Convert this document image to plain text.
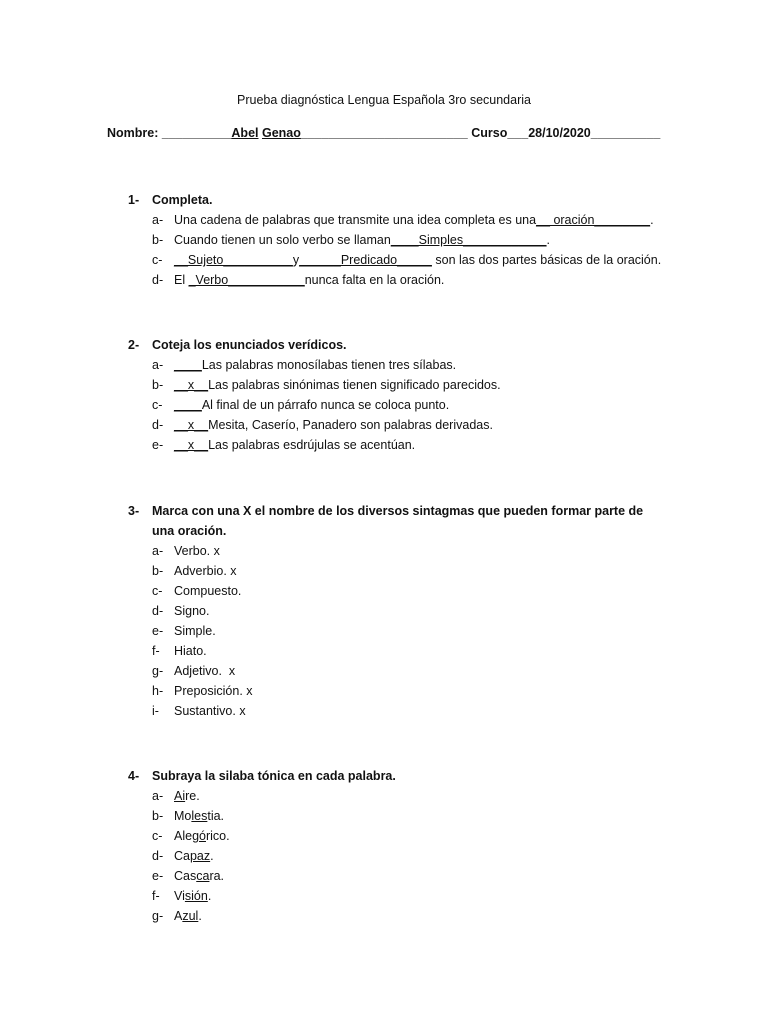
Prueba diagnóstica Lengua Española 3ro secundaria
Nombre: __________Abel Genao________________________ Curso___28/10/2020__________
1-	Completa.
a- Una cadena de palabras que transmite una idea completa es una __ oración________ .
b- Cuando tienen un solo verbo se llaman ____Simples____________ .
c- __Sujeto__________ y ______Predicado_____ son las dos partes básicas de la oración.
d- El _Verbo___________ nunca falta en la oración.
2-	Coteja los enunciados verídicos.
a- ____ Las palabras monosílabas tienen tres sílabas.
b- __x__ Las palabras sinónimas tienen significado parecidos.
c- ____ Al final de un párrafo nunca se coloca punto.
d- __x__ Mesita, Caserío, Panadero son palabras derivadas.
e- __x__ Las palabras esdrújulas se acentúan.
3-	Marca con una X el nombre de los diversos sintagmas que pueden formar parte de una oración.
a- Verbo. x
b- Adverbio. x
c- Compuesto.
d- Signo.
e- Simple.
f-	Hiato.
g- Adjetivo.  x
h- Preposición. x
i-	Sustantivo. x
4-	Subraya la silaba tónica en cada palabra.
a- Ai re.
b- Mo les tia.
c- Ale gó rico.
d- Ca paz .
e- Cas ca ra.
f-	Vi sión .
g- A zul .
